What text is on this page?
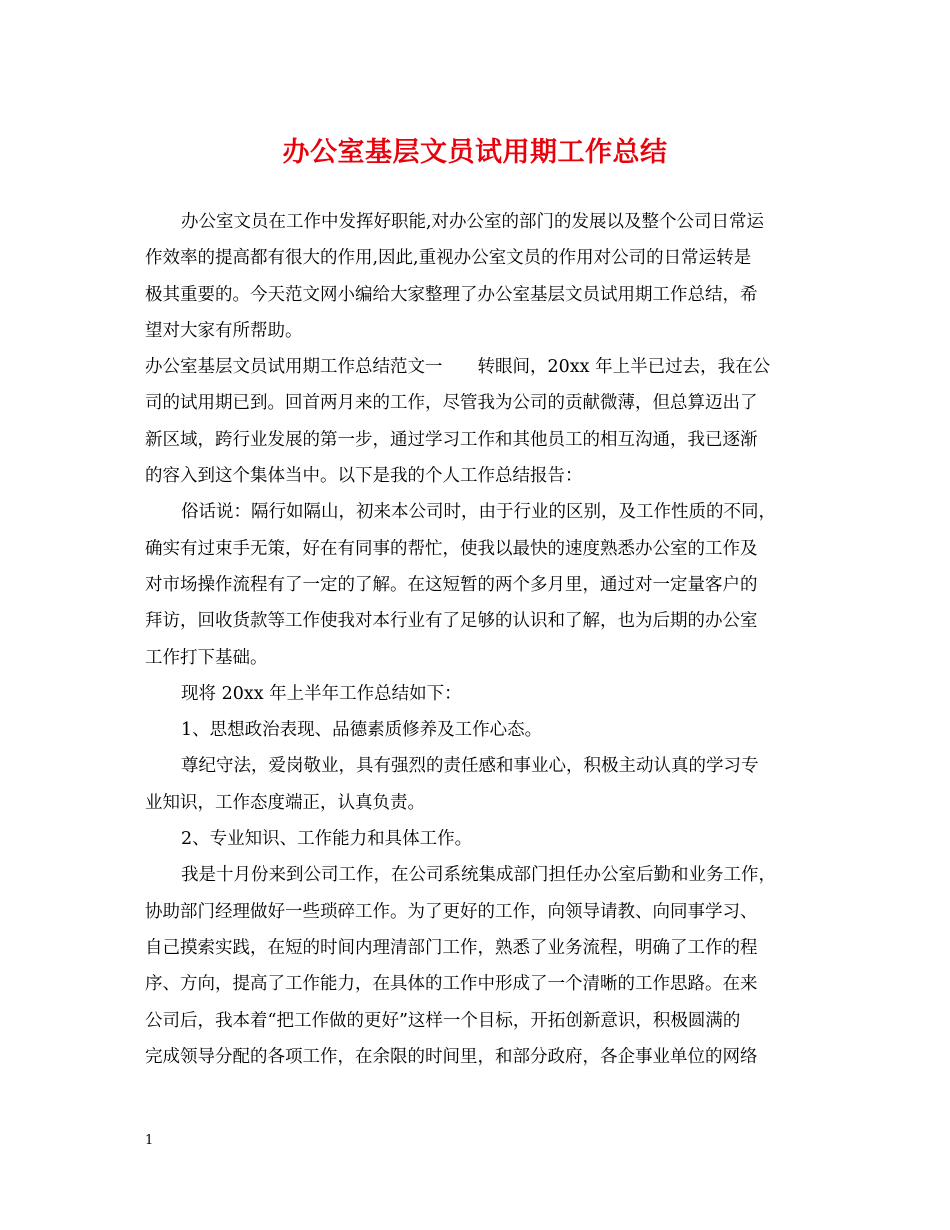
办公室基层文员试用期工作总结
办公室文员在工作中发挥好职能,对办公室的部门的发展以及整个公司日常运
作效率的提高都有很大的作用,因此,重视办公室文员的作用对公司的日常运转是
极其重要的。今天范文网小编给大家整理了办公室基层文员试用期工作总结，希
望对大家有所帮助。
办公室基层文员试用期工作总结范文一　　转眼间，20xx 年上半已过去，我在公
司的试用期已到。回首两月来的工作，尽管我为公司的贡献微薄，但总算迈出了
新区域，跨行业发展的第一步，通过学习工作和其他员工的相互沟通，我已逐渐
的容入到这个集体当中。以下是我的个人工作总结报告：
俗话说：隔行如隔山，初来本公司时，由于行业的区别，及工作性质的不同，
确实有过束手无策，好在有同事的帮忙，使我以最快的速度熟悉办公室的工作及
对市场操作流程有了一定的了解。在这短暂的两个多月里，通过对一定量客户的
拜访，回收货款等工作使我对本行业有了足够的认识和了解，也为后期的办公室
工作打下基础。
现将 20xx 年上半年工作总结如下：
1、思想政治表现、品德素质修养及工作心态。
尊纪守法，爱岗敬业，具有强烈的责任感和事业心，积极主动认真的学习专
业知识，工作态度端正，认真负责。
2、专业知识、工作能力和具体工作。
我是十月份来到公司工作，在公司系统集成部门担任办公室后勤和业务工作，
协助部门经理做好一些琐碎工作。为了更好的工作，向领导请教、向同事学习、
自己摸索实践，在短的时间内理清部门工作，熟悉了业务流程，明确了工作的程
序、方向，提高了工作能力，在具体的工作中形成了一个清晰的工作思路。在来
公司后，我本着“把工作做的更好”这样一个目标，开拓创新意识，积极圆满的
完成领导分配的各项工作，在余限的时间里，和部分政府，各企事业单位的网络
1
